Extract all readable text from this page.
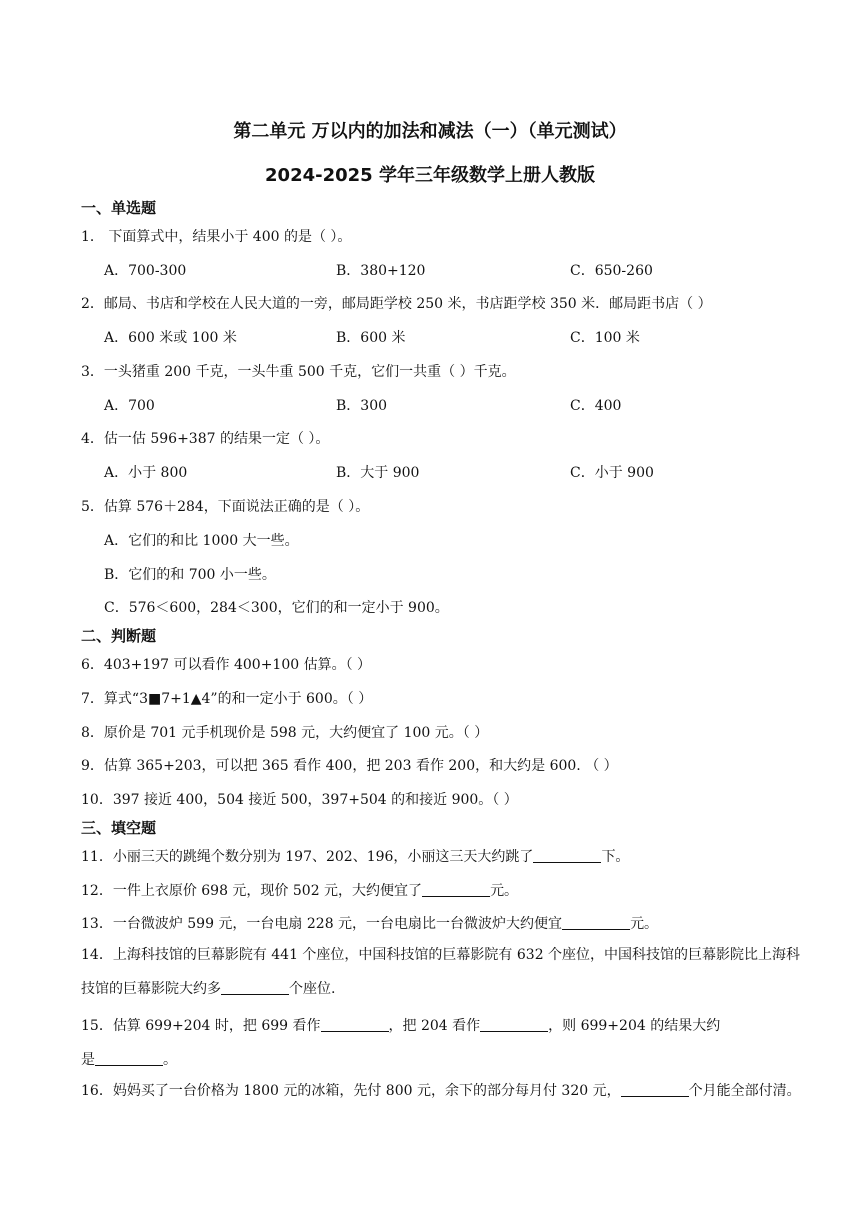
第二单元 万以内的加法和减法（一）（单元测试）
2024-2025 学年三年级数学上册人教版
一、单选题
1． 下面算式中，结果小于 400 的是（ ）。
A．700-300	B．380+120	C．650-260
2．邮局、书店和学校在人民大道的一旁，邮局距学校 250 米，书店距学校 350 米．邮局距书店（ ）
A．600 米或 100 米	B．600 米	C．100 米
3．一头猪重 200 千克，一头牛重 500 千克，它们一共重（ ）千克。
A．700	B．300	C．400
4．估一估 596+387 的结果一定（ ）。
A．小于 800	B．大于 900	C．小于 900
5．估算 576＋284，下面说法正确的是（ ）。
A．它们的和比 1000 大一些。
B．它们的和 700 小一些。
C．576＜600，284＜300，它们的和一定小于 900。
二、判断题
6．403+197 可以看作 400+100 估算。（ ）
7．算式“3■7+1▲4”的和一定小于 600。（ ）
8．原价是 701 元手机现价是 598 元，大约便宜了 100 元。（ ）
9．估算 365+203，可以把 365 看作 400，把 203 看作 200，和大约是 600. （ ）
10．397 接近 400，504 接近 500，397+504 的和接近 900。（ ）
三、填空题
11．小丽三天的跳绳个数分别为 197、202、196，小丽这三天大约跳了	下。
12．一件上衣原价 698 元，现价 502 元，大约便宜了	元。
13．一台微波炉 599 元，一台电扇 228 元，一台电扇比一台微波炉大约便宜	元。
14．上海科技馆的巨幕影院有 441 个座位，中国科技馆的巨幕影院有 632 个座位，中国科技馆的巨幕影院比上海科技馆的巨幕影院大约多	个座位.
15．估算 699+204 时，把 699 看作	，把 204 看作	，则 699+204 的结果大约
是	。
16．妈妈买了一台价格为 1800 元的冰箱，先付 800 元，余下的部分每月付 320 元，	个月能全部付清。
